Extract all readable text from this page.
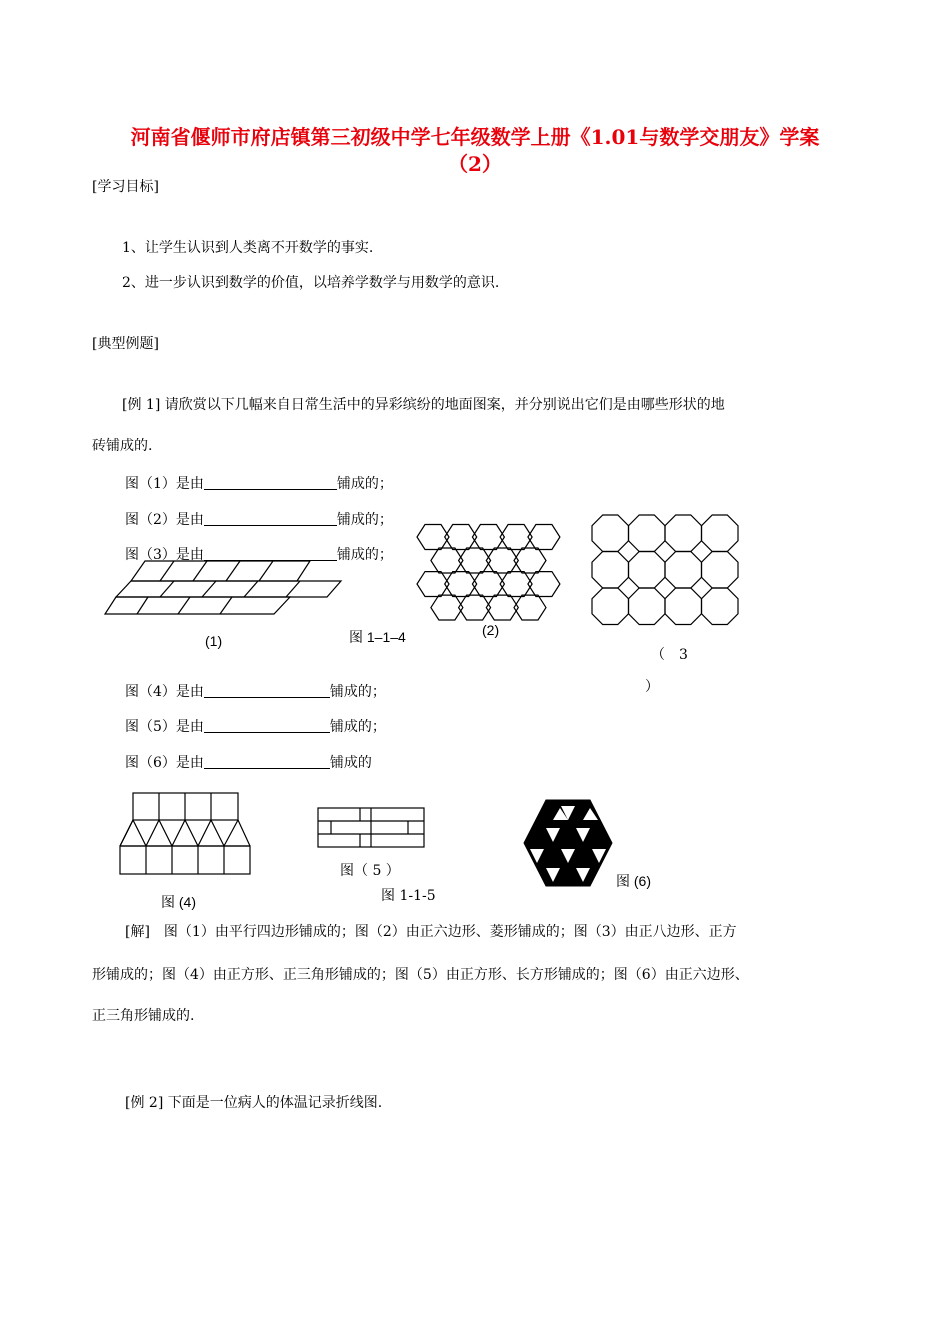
河南省偃师市府店镇第三初级中学七年级数学上册《1.01与数学交朋友》学案
（2）
[学习目标]
1、让学生认识到人类离不开数学的事实.
2、进一步认识到数学的价值，以培养学数学与用数学的意识.
[典型例题]
[例 1] 请欣赏以下几幅来自日常生活中的异彩缤纷的地面图案，并分别说出它们是由哪些形状的地
砖铺成的.
图（1）是由	铺成的；
图（2）是由	铺成的；
图（3）是由	铺成的；
(1)	图 1–1–4	(2)
（　3
）
图（4）是由	铺成的；
图（5）是由	铺成的；
图（6）是由	铺成的
图 (4)
图（ 5 ）
图 1-1-5
图 (6)
[解]　图（1）由平行四边形铺成的；图（2）由正六边形、菱形铺成的；图（3）由正八边形、正方
形铺成的；图（4）由正方形、正三角形铺成的；图（5）由正方形、长方形铺成的；图（6）由正六边形、
正三角形铺成的.
[例 2] 下面是一位病人的体温记录折线图.
